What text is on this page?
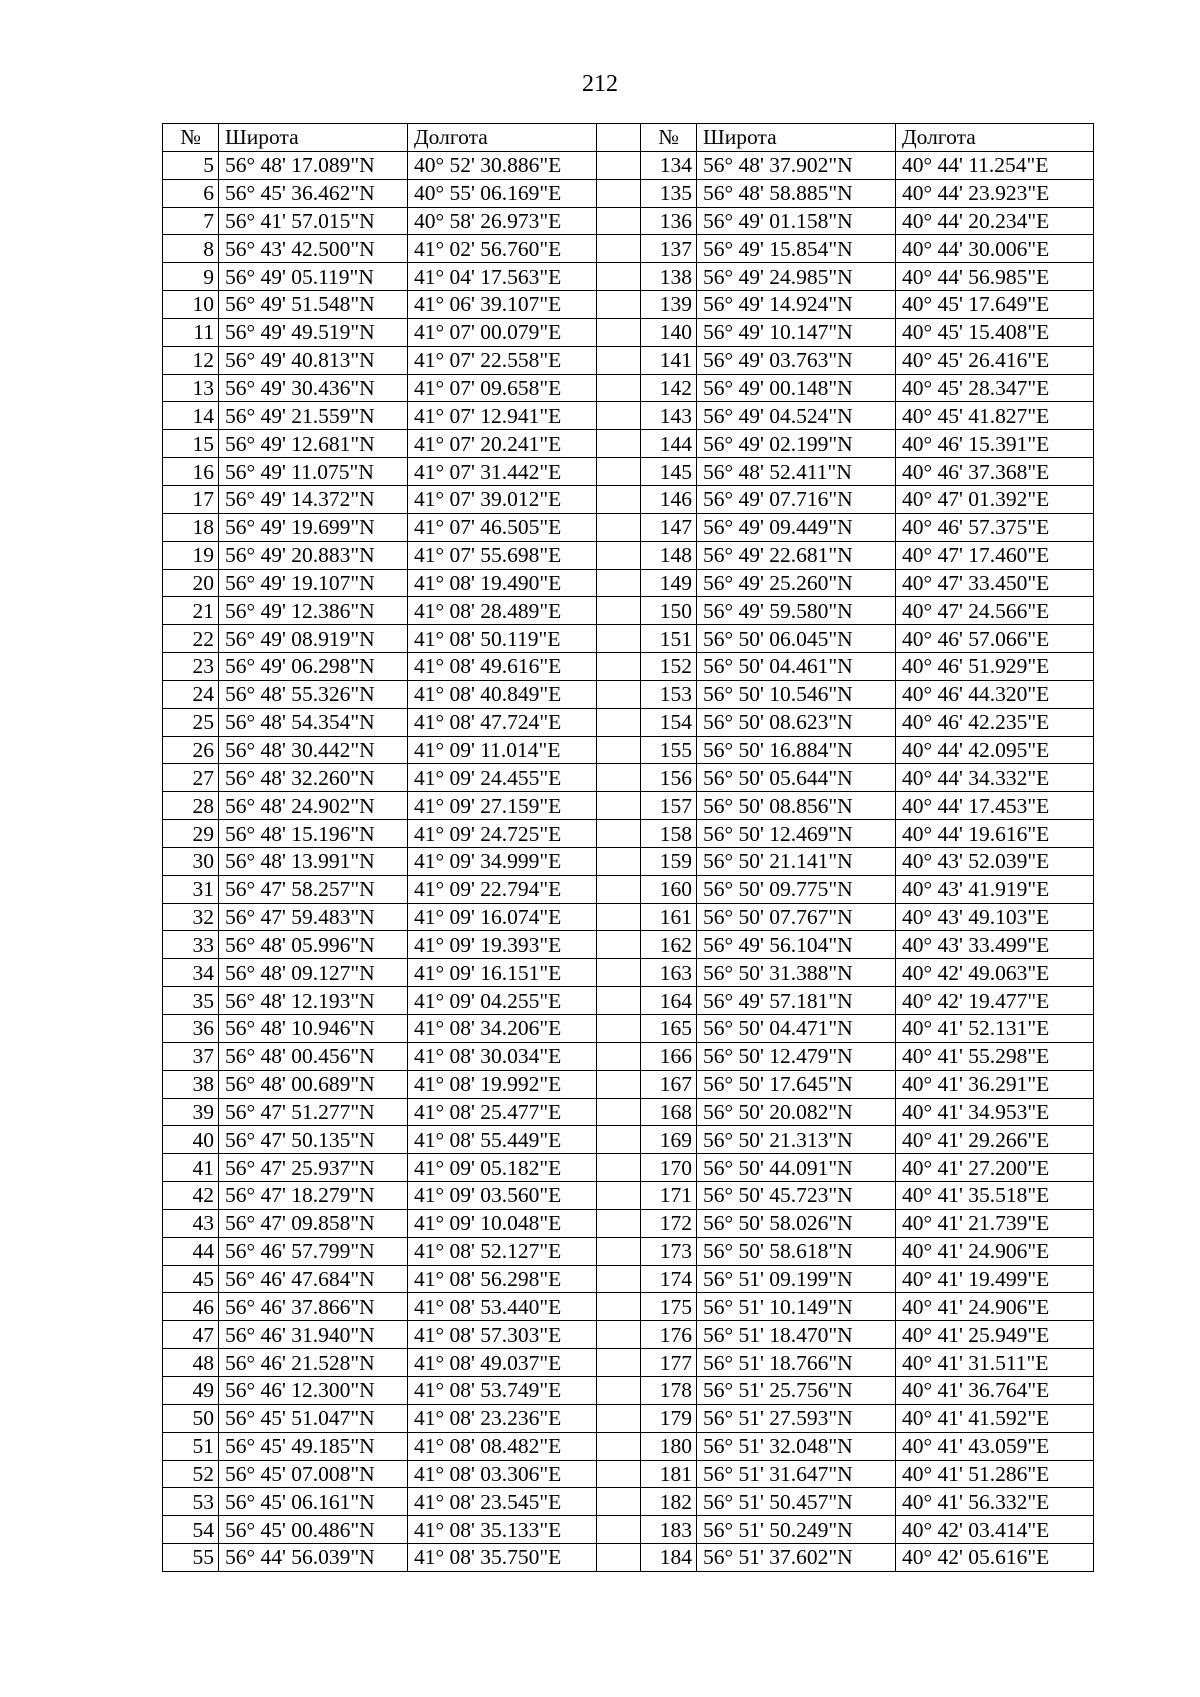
212
№	Широта	Долгота		№	Широта	Долгота
5	56° 48' 17.089"N	40° 52' 30.886"E		134	56° 48' 37.902"N	40° 44' 11.254"E
6	56° 45' 36.462"N	40° 55' 06.169"E		135	56° 48' 58.885"N	40° 44' 23.923"E
7	56° 41' 57.015"N	40° 58' 26.973"E		136	56° 49' 01.158"N	40° 44' 20.234"E
8	56° 43' 42.500"N	41° 02' 56.760"E		137	56° 49' 15.854"N	40° 44' 30.006"E
9	56° 49' 05.119"N	41° 04' 17.563"E		138	56° 49' 24.985"N	40° 44' 56.985"E
10	56° 49' 51.548"N	41° 06' 39.107"E		139	56° 49' 14.924"N	40° 45' 17.649"E
11	56° 49' 49.519"N	41° 07' 00.079"E		140	56° 49' 10.147"N	40° 45' 15.408"E
12	56° 49' 40.813"N	41° 07' 22.558"E		141	56° 49' 03.763"N	40° 45' 26.416"E
13	56° 49' 30.436"N	41° 07' 09.658"E		142	56° 49' 00.148"N	40° 45' 28.347"E
14	56° 49' 21.559"N	41° 07' 12.941"E		143	56° 49' 04.524"N	40° 45' 41.827"E
15	56° 49' 12.681"N	41° 07' 20.241"E		144	56° 49' 02.199"N	40° 46' 15.391"E
16	56° 49' 11.075"N	41° 07' 31.442"E		145	56° 48' 52.411"N	40° 46' 37.368"E
17	56° 49' 14.372"N	41° 07' 39.012"E		146	56° 49' 07.716"N	40° 47' 01.392"E
18	56° 49' 19.699"N	41° 07' 46.505"E		147	56° 49' 09.449"N	40° 46' 57.375"E
19	56° 49' 20.883"N	41° 07' 55.698"E		148	56° 49' 22.681"N	40° 47' 17.460"E
20	56° 49' 19.107"N	41° 08' 19.490"E		149	56° 49' 25.260"N	40° 47' 33.450"E
21	56° 49' 12.386"N	41° 08' 28.489"E		150	56° 49' 59.580"N	40° 47' 24.566"E
22	56° 49' 08.919"N	41° 08' 50.119"E		151	56° 50' 06.045"N	40° 46' 57.066"E
23	56° 49' 06.298"N	41° 08' 49.616"E		152	56° 50' 04.461"N	40° 46' 51.929"E
24	56° 48' 55.326"N	41° 08' 40.849"E		153	56° 50' 10.546"N	40° 46' 44.320"E
25	56° 48' 54.354"N	41° 08' 47.724"E		154	56° 50' 08.623"N	40° 46' 42.235"E
26	56° 48' 30.442"N	41° 09' 11.014"E		155	56° 50' 16.884"N	40° 44' 42.095"E
27	56° 48' 32.260"N	41° 09' 24.455"E		156	56° 50' 05.644"N	40° 44' 34.332"E
28	56° 48' 24.902"N	41° 09' 27.159"E		157	56° 50' 08.856"N	40° 44' 17.453"E
29	56° 48' 15.196"N	41° 09' 24.725"E		158	56° 50' 12.469"N	40° 44' 19.616"E
30	56° 48' 13.991"N	41° 09' 34.999"E		159	56° 50' 21.141"N	40° 43' 52.039"E
31	56° 47' 58.257"N	41° 09' 22.794"E		160	56° 50' 09.775"N	40° 43' 41.919"E
32	56° 47' 59.483"N	41° 09' 16.074"E		161	56° 50' 07.767"N	40° 43' 49.103"E
33	56° 48' 05.996"N	41° 09' 19.393"E		162	56° 49' 56.104"N	40° 43' 33.499"E
34	56° 48' 09.127"N	41° 09' 16.151"E		163	56° 50' 31.388"N	40° 42' 49.063"E
35	56° 48' 12.193"N	41° 09' 04.255"E		164	56° 49' 57.181"N	40° 42' 19.477"E
36	56° 48' 10.946"N	41° 08' 34.206"E		165	56° 50' 04.471"N	40° 41' 52.131"E
37	56° 48' 00.456"N	41° 08' 30.034"E		166	56° 50' 12.479"N	40° 41' 55.298"E
38	56° 48' 00.689"N	41° 08' 19.992"E		167	56° 50' 17.645"N	40° 41' 36.291"E
39	56° 47' 51.277"N	41° 08' 25.477"E		168	56° 50' 20.082"N	40° 41' 34.953"E
40	56° 47' 50.135"N	41° 08' 55.449"E		169	56° 50' 21.313"N	40° 41' 29.266"E
41	56° 47' 25.937"N	41° 09' 05.182"E		170	56° 50' 44.091"N	40° 41' 27.200"E
42	56° 47' 18.279"N	41° 09' 03.560"E		171	56° 50' 45.723"N	40° 41' 35.518"E
43	56° 47' 09.858"N	41° 09' 10.048"E		172	56° 50' 58.026"N	40° 41' 21.739"E
44	56° 46' 57.799"N	41° 08' 52.127"E		173	56° 50' 58.618"N	40° 41' 24.906"E
45	56° 46' 47.684"N	41° 08' 56.298"E		174	56° 51' 09.199"N	40° 41' 19.499"E
46	56° 46' 37.866"N	41° 08' 53.440"E		175	56° 51' 10.149"N	40° 41' 24.906"E
47	56° 46' 31.940"N	41° 08' 57.303"E		176	56° 51' 18.470"N	40° 41' 25.949"E
48	56° 46' 21.528"N	41° 08' 49.037"E		177	56° 51' 18.766"N	40° 41' 31.511"E
49	56° 46' 12.300"N	41° 08' 53.749"E		178	56° 51' 25.756"N	40° 41' 36.764"E
50	56° 45' 51.047"N	41° 08' 23.236"E		179	56° 51' 27.593"N	40° 41' 41.592"E
51	56° 45' 49.185"N	41° 08' 08.482"E		180	56° 51' 32.048"N	40° 41' 43.059"E
52	56° 45' 07.008"N	41° 08' 03.306"E		181	56° 51' 31.647"N	40° 41' 51.286"E
53	56° 45' 06.161"N	41° 08' 23.545"E		182	56° 51' 50.457"N	40° 41' 56.332"E
54	56° 45' 00.486"N	41° 08' 35.133"E		183	56° 51' 50.249"N	40° 42' 03.414"E
55	56° 44' 56.039"N	41° 08' 35.750"E		184	56° 51' 37.602"N	40° 42' 05.616"E
